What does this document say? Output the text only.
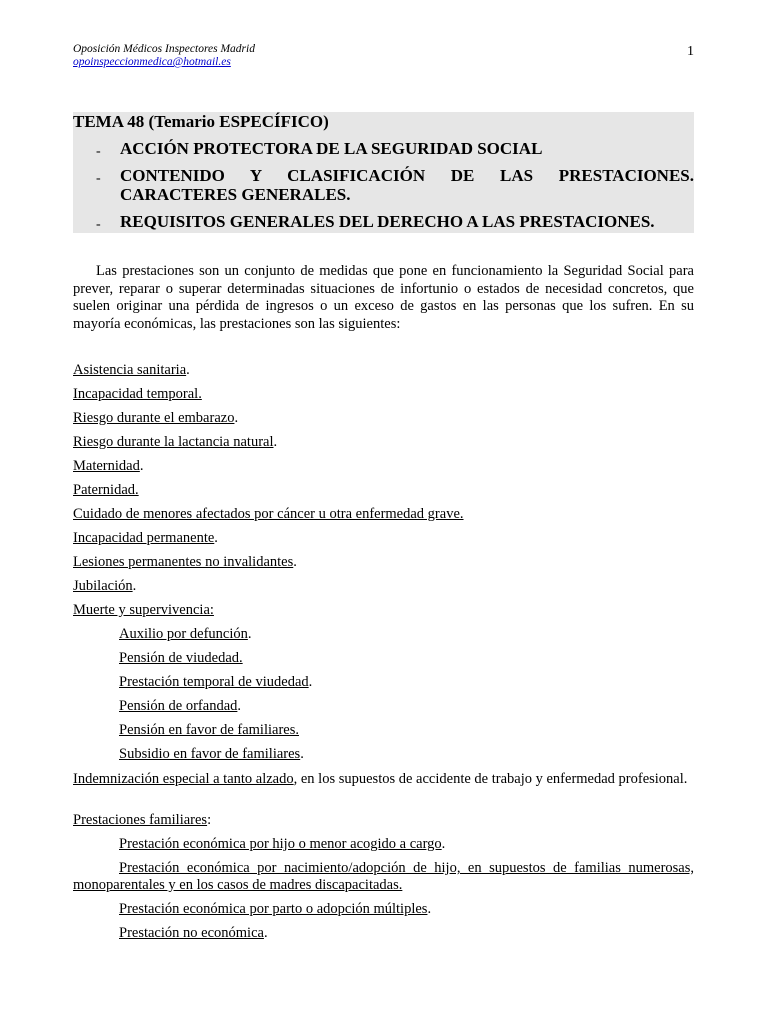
Oposición Médicos Inspectores Madrid
opoinspeccionmedica@hotmail.es
1
TEMA 48 (Temario ESPECÍFICO)
- ACCIÓN PROTECTORA DE LA SEGURIDAD SOCIAL
- CONTENIDO Y CLASIFICACIÓN DE LAS PRESTACIONES. CARACTERES GENERALES.
- REQUISITOS GENERALES DEL DERECHO A LAS PRESTACIONES.
Las prestaciones son un conjunto de medidas que pone en funcionamiento la Seguridad Social para prever, reparar o superar determinadas situaciones de infortunio o estados de necesidad concretos, que suelen originar una pérdida de ingresos o un exceso de gastos en las personas que los sufren. En su mayoría económicas, las prestaciones son las siguientes:
Asistencia sanitaria.
Incapacidad temporal.
Riesgo durante el embarazo.
Riesgo durante la lactancia natural.
Maternidad.
Paternidad.
Cuidado de menores afectados por cáncer u otra enfermedad grave.
Incapacidad permanente.
Lesiones permanentes no invalidantes.
Jubilación.
Muerte y supervivencia:
Auxilio por defunción.
Pensión de viudedad.
Prestación temporal de viudedad.
Pensión de orfandad.
Pensión en favor de familiares.
Subsidio en favor de familiares.
Indemnización especial a tanto alzado, en los supuestos de accidente de trabajo y enfermedad profesional.
Prestaciones familiares:
Prestación económica por hijo o menor acogido a cargo.
Prestación económica por nacimiento/adopción de hijo, en supuestos de familias numerosas, monoparentales y en los casos de madres discapacitadas.
Prestación económica por parto o adopción múltiples.
Prestación no económica.
